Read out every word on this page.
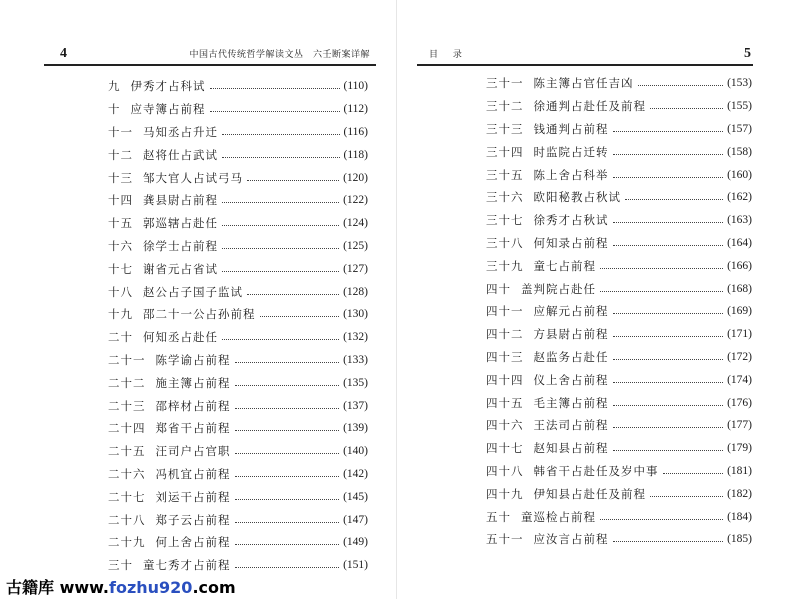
4	中国古代传统哲学解读文丛　六壬断案详解
九 伊秀才占科试	(110)
十 应寺簿占前程	(112)
十一 马知丞占升迁	(116)
十二 赵将仕占武试	(118)
十三 邹大官人占试弓马	(120)
十四 龚县尉占前程	(122)
十五 郭巡辖占赴任	(124)
十六 徐学士占前程	(125)
十七 谢省元占省试	(127)
十八 赵公占子国子监试	(128)
十九 邵二十一公占孙前程	(130)
二十 何知丞占赴任	(132)
二十一 陈学谕占前程	(133)
二十二 施主簿占前程	(135)
二十三 邵梓材占前程	(137)
二十四 郑省干占前程	(139)
二十五 汪司户占官职	(140)
二十六 冯机宜占前程	(142)
二十七 刘运干占前程	(145)
二十八 郑子云占前程	(147)
二十九 何上舍占前程	(149)
三十 童七秀才占前程	(151)
目 录	5
三十一 陈主簿占官任吉凶	(153)
三十二 徐通判占赴任及前程	(155)
三十三 钱通判占前程	(157)
三十四 时监院占迁转	(158)
三十五 陈上舍占科举	(160)
三十六 欧阳秘教占秋试	(162)
三十七 徐秀才占秋试	(163)
三十八 何知录占前程	(164)
三十九 童七占前程	(166)
四十 盖判院占赴任	(168)
四十一 应解元占前程	(169)
四十二 方县尉占前程	(171)
四十三 赵监务占赴任	(172)
四十四 仪上舍占前程	(174)
四十五 毛主簿占前程	(176)
四十六 王法司占前程	(177)
四十七 赵知县占前程	(179)
四十八 韩省干占赴任及岁中事	(181)
四十九 伊知县占赴任及前程	(182)
五十 童巡检占前程	(184)
五十一 应汝言占前程	(185)
古籍库 www.fozhu920.com
